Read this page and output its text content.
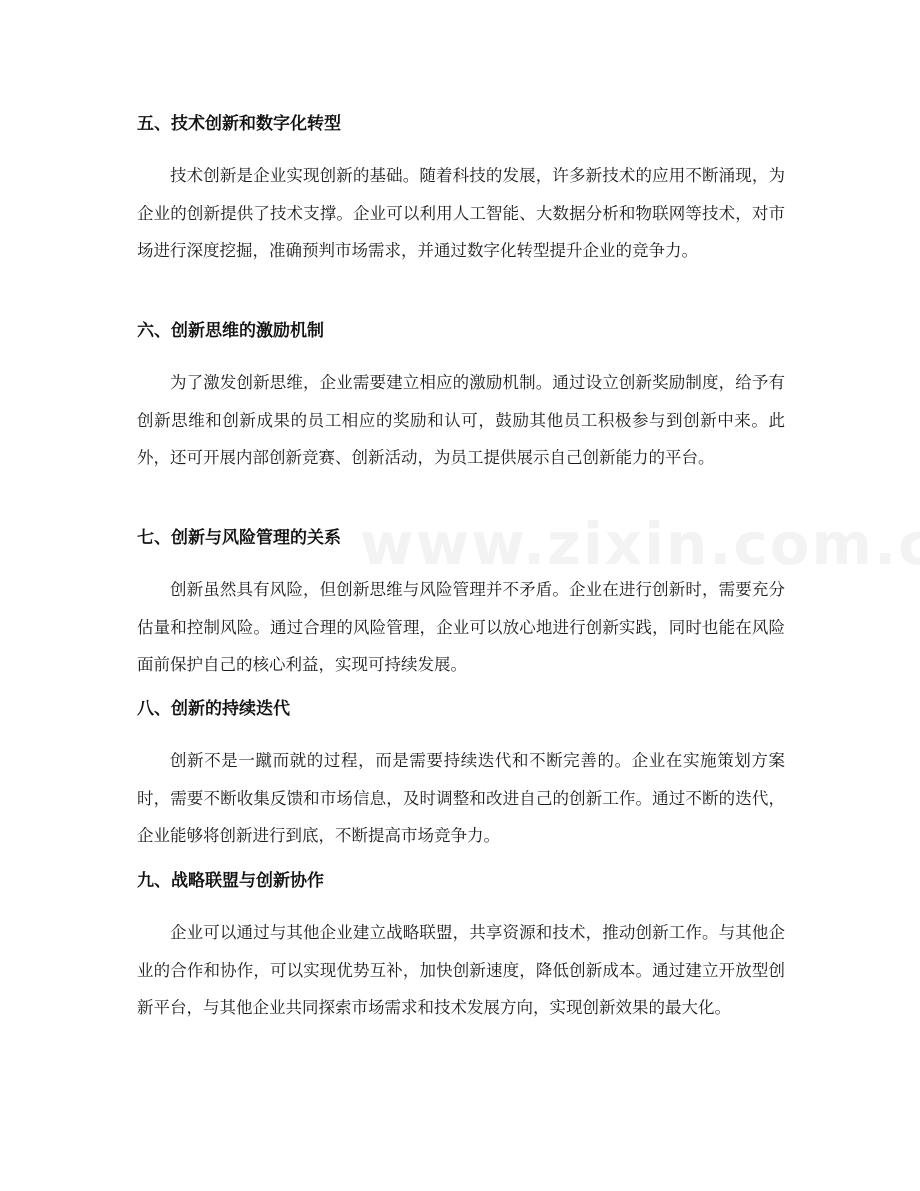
五、技术创新和数字化转型

技术创新是企业实现创新的基础。随着科技的发展，许多新技术的应用不断涌现，为企业的创新提供了技术支撑。企业可以利用人工智能、大数据分析和物联网等技术，对市场进行深度挖掘，准确预判市场需求，并通过数字化转型提升企业的竞争力。

六、创新思维的激励机制

为了激发创新思维，企业需要建立相应的激励机制。通过设立创新奖励制度，给予有创新思维和创新成果的员工相应的奖励和认可，鼓励其他员工积极参与到创新中来。此外，还可开展内部创新竞赛、创新活动，为员工提供展示自己创新能力的平台。

七、创新与风险管理的关系

创新虽然具有风险，但创新思维与风险管理并不矛盾。企业在进行创新时，需要充分估量和控制风险。通过合理的风险管理，企业可以放心地进行创新实践，同时也能在风险面前保护自己的核心利益，实现可持续发展。

八、创新的持续迭代

创新不是一蹴而就的过程，而是需要持续迭代和不断完善的。企业在实施策划方案时，需要不断收集反馈和市场信息，及时调整和改进自己的创新工作。通过不断的迭代，企业能够将创新进行到底，不断提高市场竞争力。

九、战略联盟与创新协作

企业可以通过与其他企业建立战略联盟，共享资源和技术，推动创新工作。与其他企业的合作和协作，可以实现优势互补，加快创新速度，降低创新成本。通过建立开放型创新平台，与其他企业共同探索市场需求和技术发展方向，实现创新效果的最大化。
